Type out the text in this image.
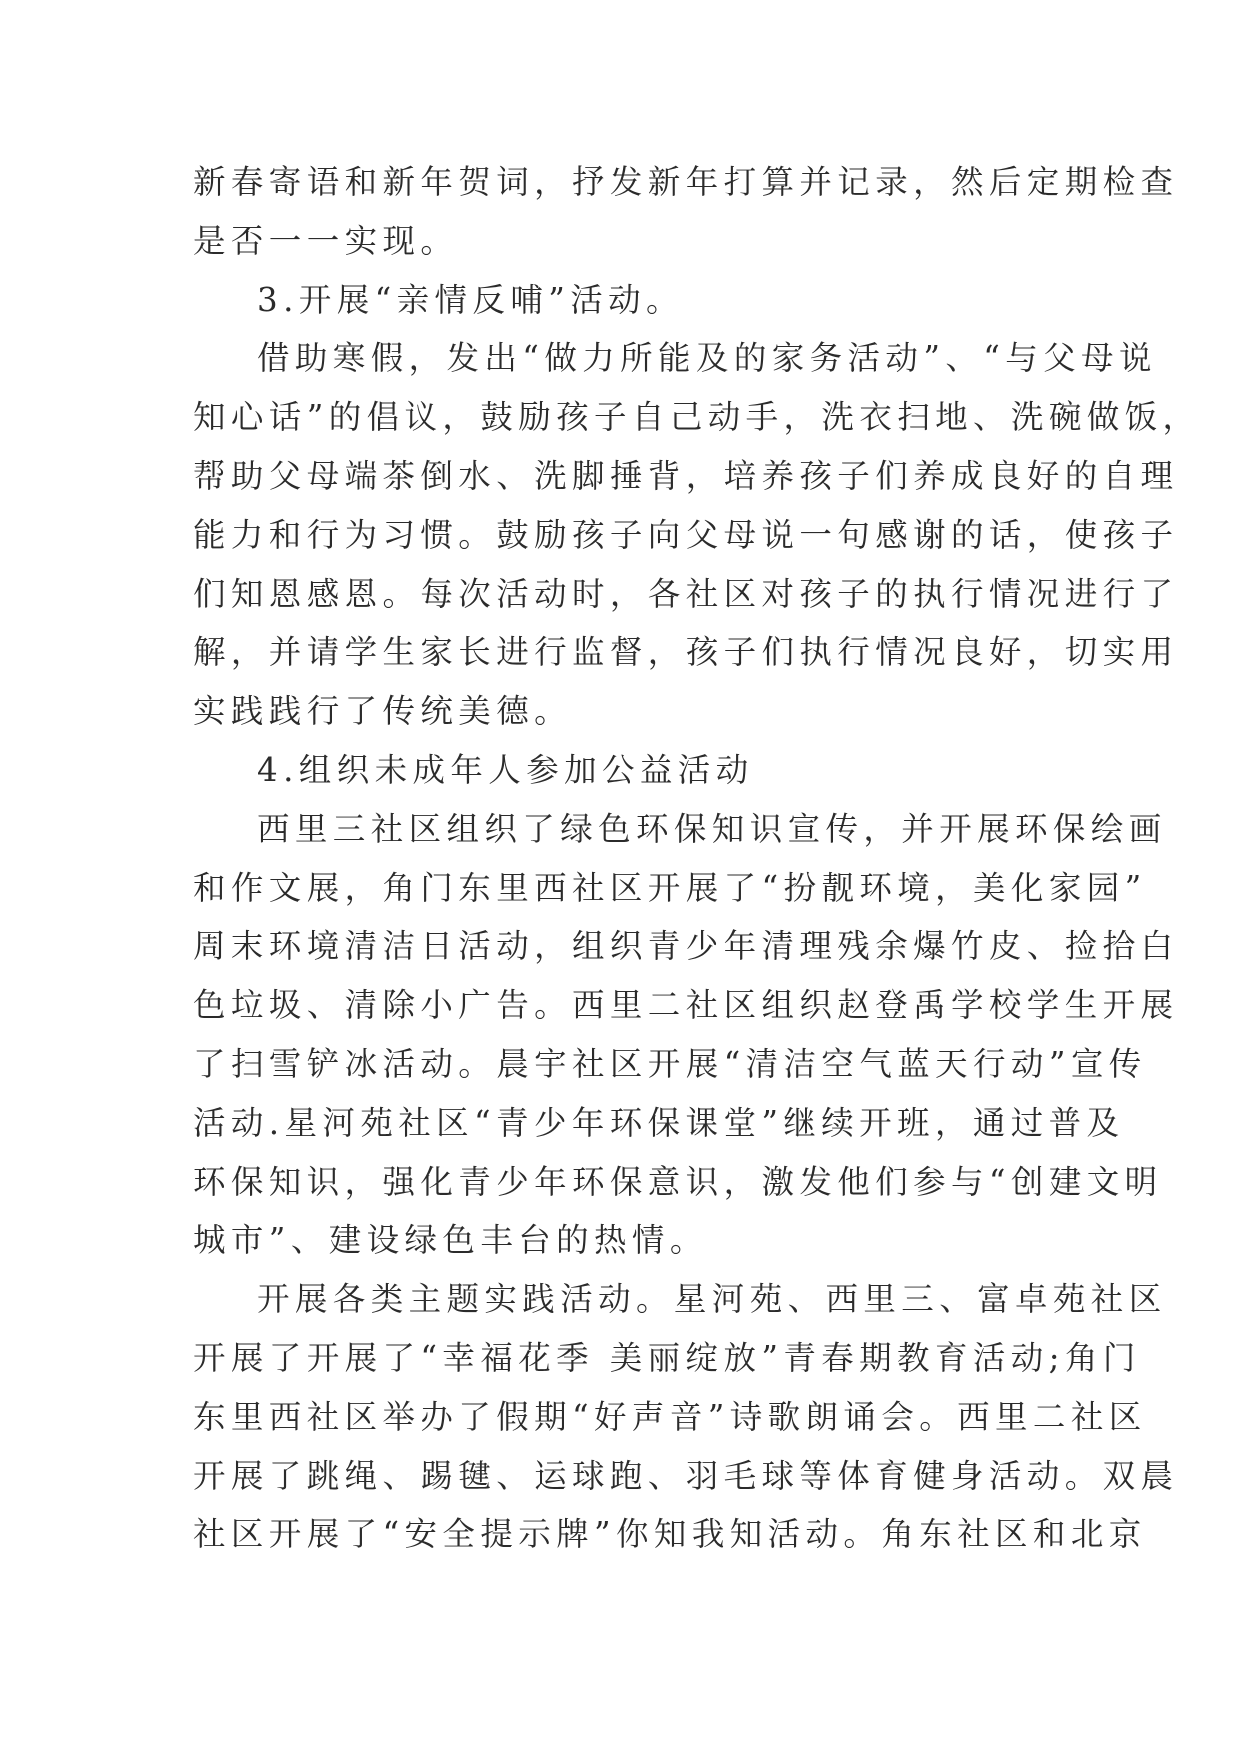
新春寄语和新年贺词，抒发新年打算并记录，然后定期检查
是否一一实现。
3.开展“亲情反哺”活动。
借助寒假，发出“做力所能及的家务活动”、“与父母说
知心话”的倡议，鼓励孩子自己动手，洗衣扫地、洗碗做饭，
帮助父母端茶倒水、洗脚捶背，培养孩子们养成良好的自理
能力和行为习惯。鼓励孩子向父母说一句感谢的话，使孩子
们知恩感恩。每次活动时，各社区对孩子的执行情况进行了
解，并请学生家长进行监督，孩子们执行情况良好，切实用
实践践行了传统美德。
4.组织未成年人参加公益活动
西里三社区组织了绿色环保知识宣传，并开展环保绘画
和作文展，角门东里西社区开展了“扮靓环境，美化家园”
周末环境清洁日活动，组织青少年清理残余爆竹皮、捡拾白
色垃圾、清除小广告。西里二社区组织赵登禹学校学生开展
了扫雪铲冰活动。晨宇社区开展“清洁空气蓝天行动”宣传
活动.星河苑社区“青少年环保课堂”继续开班，通过普及
环保知识，强化青少年环保意识，激发他们参与“创建文明
城市”、建设绿色丰台的热情。
开展各类主题实践活动。星河苑、西里三、富卓苑社区
开展了开展了“幸福花季 美丽绽放”青春期教育活动;角门
东里西社区举办了假期“好声音”诗歌朗诵会。西里二社区
开展了跳绳、踢毽、运球跑、羽毛球等体育健身活动。双晨
社区开展了“安全提示牌”你知我知活动。角东社区和北京
